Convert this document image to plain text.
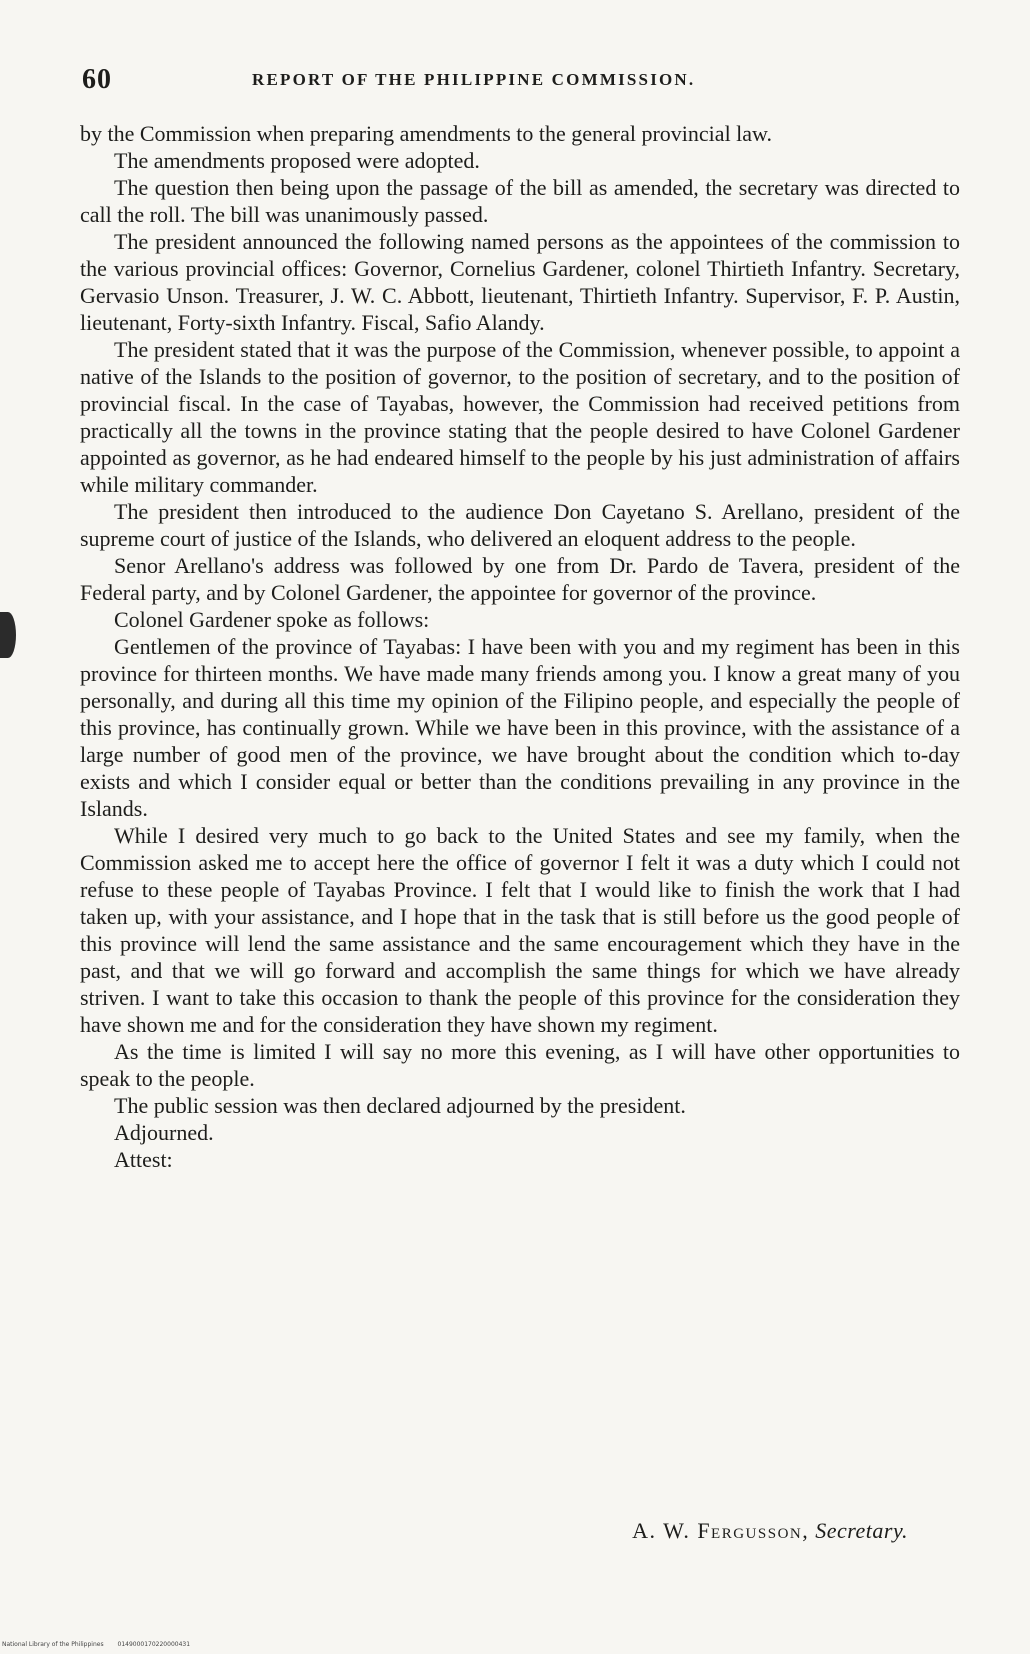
60	REPORT OF THE PHILIPPINE COMMISSION.

by the Commission when preparing amendments to the general provincial law.

The amendments proposed were adopted.

The question then being upon the passage of the bill as amended, the secretary was directed to call the roll. The bill was unanimously passed.

The president announced the following named persons as the appointees of the commission to the various provincial offices: Governor, Cornelius Gardener, colonel Thirtieth Infantry. Secretary, Gervasio Unson. Treasurer, J. W. C. Abbott, lieutenant, Thirtieth Infantry. Supervisor, F. P. Austin, lieutenant, Forty-sixth Infantry. Fiscal, Safio Alandy.

The president stated that it was the purpose of the Commission, whenever possible, to appoint a native of the Islands to the position of governor, to the position of secretary, and to the position of provincial fiscal. In the case of Tayabas, however, the Commission had received petitions from practically all the towns in the province stating that the people desired to have Colonel Gardener appointed as governor, as he had endeared himself to the people by his just administration of affairs while military commander.

The president then introduced to the audience Don Cayetano S. Arellano, president of the supreme court of justice of the Islands, who delivered an eloquent address to the people.

Senor Arellano's address was followed by one from Dr. Pardo de Tavera, president of the Federal party, and by Colonel Gardener, the appointee for governor of the province.

Colonel Gardener spoke as follows:

Gentlemen of the province of Tayabas: I have been with you and my regiment has been in this province for thirteen months. We have made many friends among you. I know a great many of you personally, and during all this time my opinion of the Filipino people, and especially the people of this province, has continually grown. While we have been in this province, with the assistance of a large number of good men of the province, we have brought about the condition which to-day exists and which I consider equal or better than the conditions prevailing in any province in the Islands.

While I desired very much to go back to the United States and see my family, when the Commission asked me to accept here the office of governor I felt it was a duty which I could not refuse to these people of Tayabas Province. I felt that I would like to finish the work that I had taken up, with your assistance, and I hope that in the task that is still before us the good people of this province will lend the same assistance and the same encouragement which they have in the past, and that we will go forward and accomplish the same things for which we have already striven. I want to take this occasion to thank the people of this province for the consideration they have shown me and for the consideration they have shown my regiment.

As the time is limited I will say no more this evening, as I will have other opportunities to speak to the people.

The public session was then declared adjourned by the president.

Adjourned.

Attest:

A. W. Fergusson, Secretary.
National Library of the Philippines 0149000170220000431
